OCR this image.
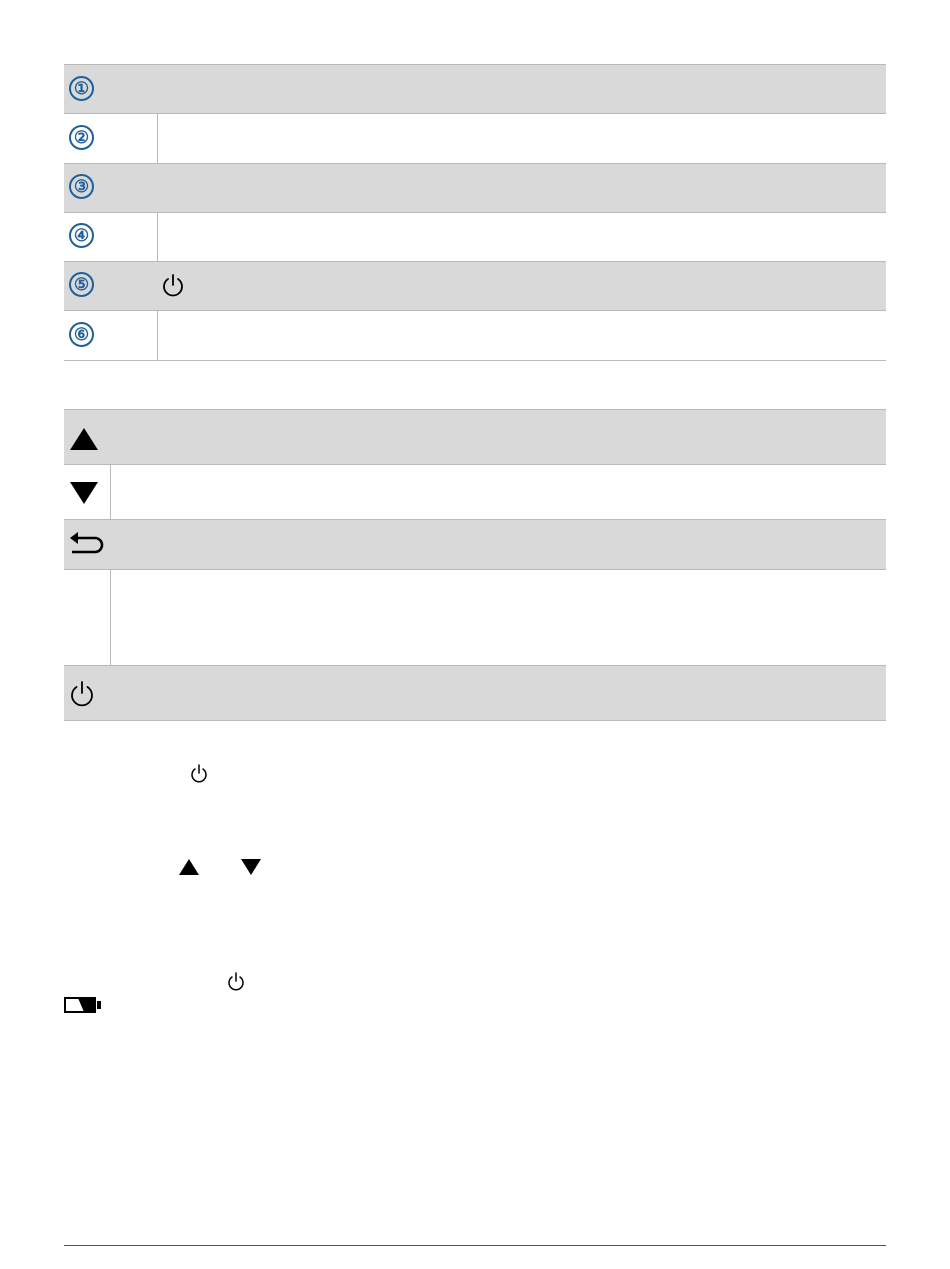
①
②
③
④
⑤
⑥
